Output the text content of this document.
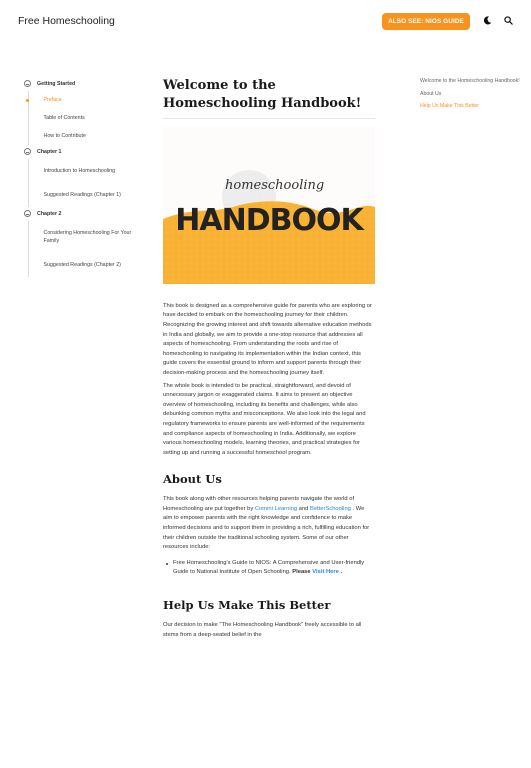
Free Homeschooling	ALSO SEE: NIOS GUIDE
Getting Started
Preface
Table of Contents
How to Contribute
Chapter 1
Introduction to Homeschooling
Suggested Readings (Chapter 1)
Chapter 2
Considering Homeschooling For Your Family
Suggested Readings (Chapter 2)
Welcome to the Homeschooling Handbook!
homeschooling
HANDBOOK

This book is designed as a comprehensive guide for parents who are exploring or have decided to embark on the homeschooling journey for their children. Recognizing the growing interest and shift towards alternative education methods in India and globally, we aim to provide a one-stop resource that addresses all aspects of homeschooling. From understanding the roots and rise of homeschooling to navigating its implementation within the Indian context, this guide covers the essential ground to inform and support parents through their decision-making process and the homeschooling journey itself.

The whole book is intended to be practical, straightforward, and devoid of unnecessary jargon or exaggerated claims. It aims to present an objective overview of homeschooling, including its benefits and challenges, while also debunking common myths and misconceptions. We also look into the legal and regulatory frameworks to ensure parents are well-informed of the requirements and compliance aspects of homeschooling in India. Additionally, we explore various homeschooling models, learning theories, and practical strategies for setting up and running a successful homeschool program.

About Us

This book along with other resources helping parents navigate the world of Homeschooling are put together by Comini Learning and BetterSchooling . We aim to empower parents with the right knowledge and confidence to make informed decisions and to support them in providing a rich, fulfilling education for their children outside the traditional schooling system. Some of our other resources include:

Free Homeschooling's Guide to NIOS: A Comprehensive and User-friendly Guide to National Institute of Open Schooling. Please Visit Here .
Help Us Make This Better

Our decision to make "The Homeschooling Handbook" freely accessible to all stems from a deep-seated belief in the

Welcome to the Homeschooling Handbook!
About Us
Help Us Make This Better
